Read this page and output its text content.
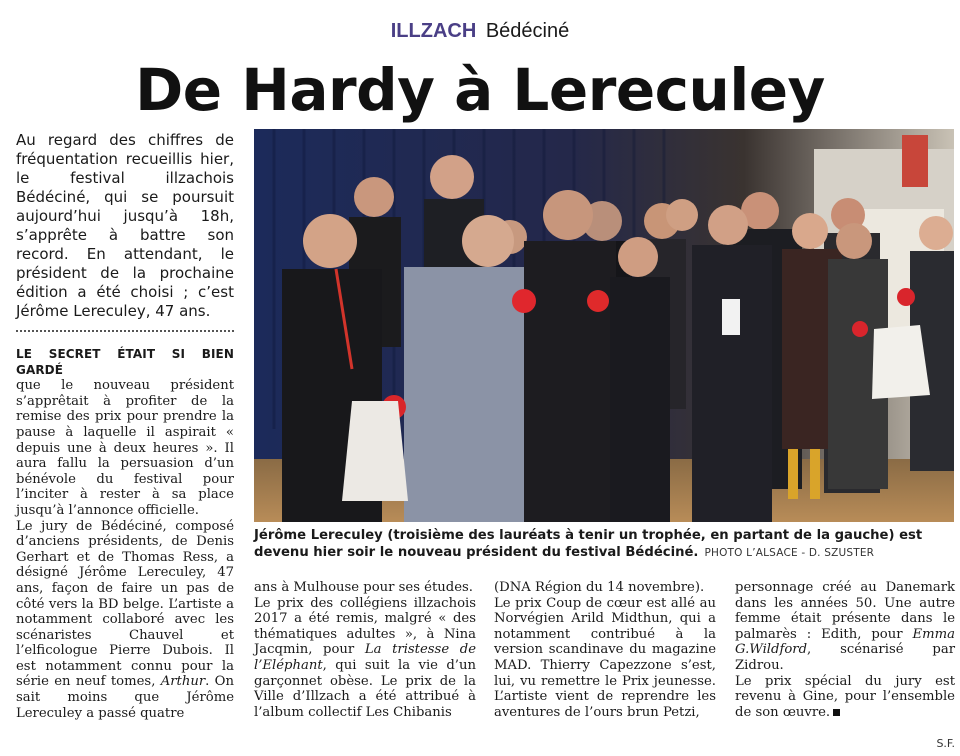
ILLZACH Bédéciné
De Hardy à Lereculey
Au regard des chiffres de fréquentation recueillis hier, le festival illzachois Bédéciné, qui se poursuit aujourd’hui jusqu’à 18h, s’apprête à battre son record. En attendant, le président de la prochaine édition a été choisi ; c’est Jérôme Lereculey, 47 ans.

LE SECRET ÉTAIT SI BIEN GARDÉ
que le nouveau président s’apprêtait à profiter de la remise des prix pour prendre la pause à laquelle il aspirait « depuis une à deux heures ». Il aura fallu la persuasion d’un bénévole du festival pour l’inciter à rester à sa place jusqu’à l’annonce officielle.

Le jury de Bédéciné, composé d’anciens présidents, de Denis Gerhart et de Thomas Ress, a désigné Jérôme Lereculey, 47 ans, façon de faire un pas de côté vers la BD belge. L’artiste a notamment collaboré avec les scénaristes Chauvel et l’elficologue Pierre Dubois. Il est notamment connu pour la série en neuf tomes, Arthur. On sait moins que Jérôme Lereculey a passé quatre

Jérôme Lereculey (troisième des lauréats à tenir un trophée, en partant de la gauche) est devenu hier soir le nouveau président du festival Bédéciné. PHOTO L’ALSACE - D. SZUSTER

ans à Mulhouse pour ses études.

Le prix des collégiens illzachois 2017 a été remis, malgré « des thématiques adultes », à Nina Jacqmin, pour La tristesse de l’Eléphant, qui suit la vie d’un garçonnet obèse. Le prix de la Ville d’Illzach a été attribué à l’album collectif Les Chibanis

(DNA Région du 14 novembre).

Le prix Coup de cœur est allé au Norvégien Arild Midthun, qui a notamment contribué à la version scandinave du magazine MAD. Thierry Capezzone s’est, lui, vu remettre le Prix jeunesse. L’artiste vient de reprendre les aventures de l’ours brun Petzi,

personnage créé au Danemark dans les années 50. Une autre femme était présente dans le palmarès : Edith, pour Emma G.Wildford, scénarisé par Zidrou.

Le prix spécial du jury est revenu à Gine, pour l’ensemble de son œuvre.

S.F.
